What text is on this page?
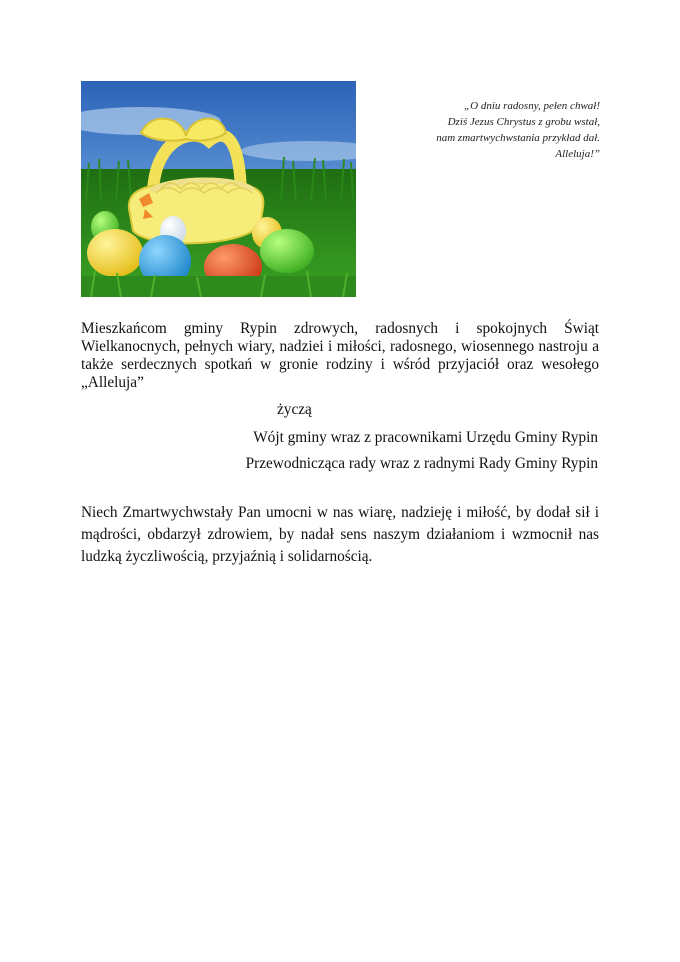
„O dniu radosny, pełen chwał!
Dziś Jezus Chrystus z grobu wstał,
nam zmartwychwstania przykład dał.
Alleluja!”

Mieszkańcom gminy Rypin zdrowych, radosnych i spokojnych Świąt Wielkanocnych, pełnych wiary, nadziei i miłości, radosnego, wiosennego nastroju a także serdecznych spotkań w gronie rodziny i wśród przyjaciół oraz wesołego „Alleluja”

życzą
Wójt gminy wraz z pracownikami Urzędu Gminy Rypin
Przewodnicząca rady wraz z radnymi Rady Gminy Rypin

Niech Zmartwychwstały Pan umocni w nas wiarę, nadzieję i miłość, by dodał sił i mądrości, obdarzył zdrowiem, by nadał sens naszym działaniom i wzmocnił nas ludzką życzliwością, przyjaźnią i solidarnością.
